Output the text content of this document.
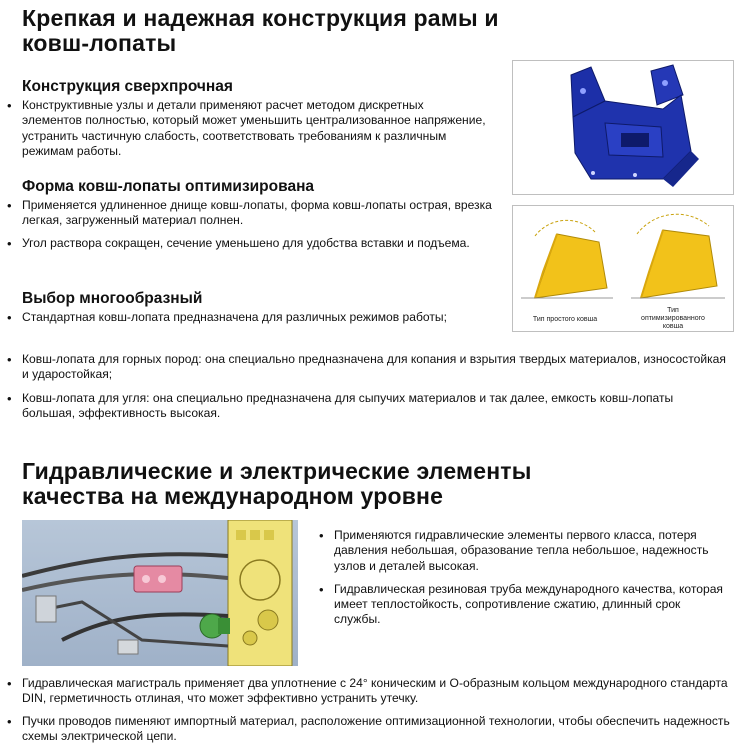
Крепкая и надежная конструкция рамы и
ковш-лопаты
Конструкция сверхпрочная
• Конструктивные узлы и детали применяют расчет методом дискретных элементов полностью, который может уменьшить централизованное напряжение, устранить частичную слабость, соответствовать требованиям к различным режимам работы.
Форма ковш-лопаты оптимизирована
• Применяется удлиненное днище ковш-лопаты, форма ковш-лопаты острая, врезка легкая, загруженный материал полнен.
• Угол раствора сокращен, сечение уменьшено для удобства вставки и подъема.
Тип простого ковша
Тип оптимизированного ковша
Выбор многообразный
• Стандартная ковш-лопата предназначена для различных режимов работы;
• Ковш-лопата для горных пород: она специально предназначена для копания и взрытия твердых материалов, износостойкая и ударостойкая;
• Ковш-лопата для угля: она специально предназначена для сыпучих материалов и так далее, емкость ковш-лопаты большая, эффективность высокая.
Гидравлические и электрические элементы
качества на международном уровне
• Применяются гидравлические элементы первого класса, потеря давления небольшая, образование тепла небольшое, надежность узлов и деталей высокая.
• Гидравлическая резиновая труба международного качества, которая имеет теплостойкость, сопротивление сжатию, длинный срок службы.
• Гидравлическая магистраль применяет два уплотнение с 24° коническим и О-образным кольцом международного стандарта DIN, герметичность отлиная, что может эффективно устранить утечку.
• Пучки проводов пименяют импортный материал, расположение оптимизационной технологии, чтобы обеспечить надежность схемы электрической цепи.
